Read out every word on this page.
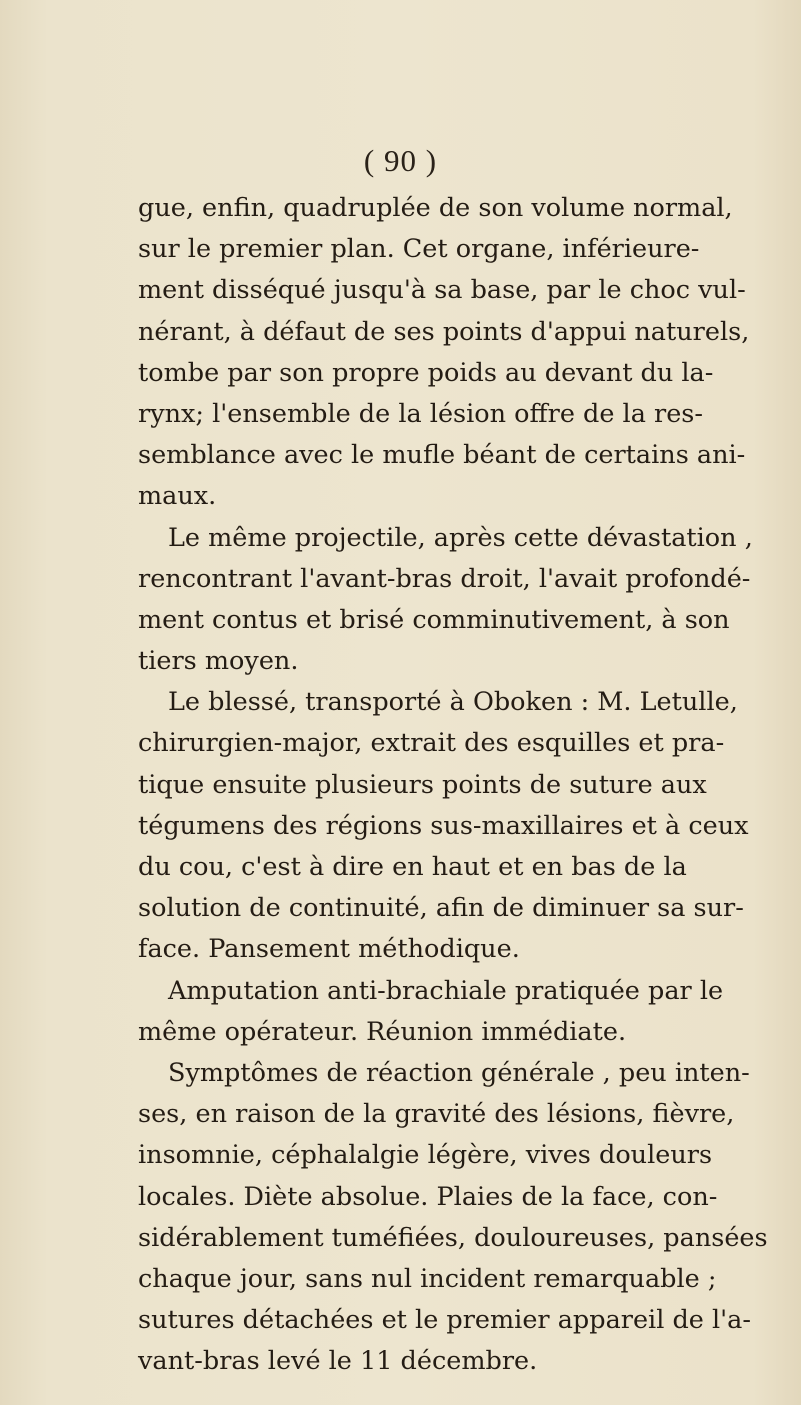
( 90 )
gue, enfin, quadruplée de son volume normal,
sur le premier plan. Cet organe, inférieure-
ment disséqué jusqu'à sa base, par le choc vul-
nérant, à défaut de ses points d'appui naturels,
tombe par son propre poids au devant du la-
rynx; l'ensemble de la lésion offre de la res-
semblance avec le mufle béant de certains ani-
maux.
Le même projectile, après cette dévastation ,
rencontrant l'avant-bras droit, l'avait profondé-
ment contus et brisé comminutivement, à son
tiers moyen.
Le blessé, transporté à Oboken : M. Letulle,
chirurgien-major, extrait des esquilles et pra-
tique ensuite plusieurs points de suture aux
tégumens des régions sus-maxillaires et à ceux
du cou, c'est à dire en haut et en bas de la
solution de continuité, afin de diminuer sa sur-
face. Pansement méthodique.
Amputation anti-brachiale pratiquée par le
même opérateur. Réunion immédiate.
Symptômes de réaction générale , peu inten-
ses, en raison de la gravité des lésions, fièvre,
insomnie, céphalalgie légère, vives douleurs
locales. Diète absolue. Plaies de la face, con-
sidérablement tuméfiées, douloureuses, pansées
chaque jour, sans nul incident remarquable ;
sutures détachées et le premier appareil de l'a-
vant-bras levé le 11 décembre.
